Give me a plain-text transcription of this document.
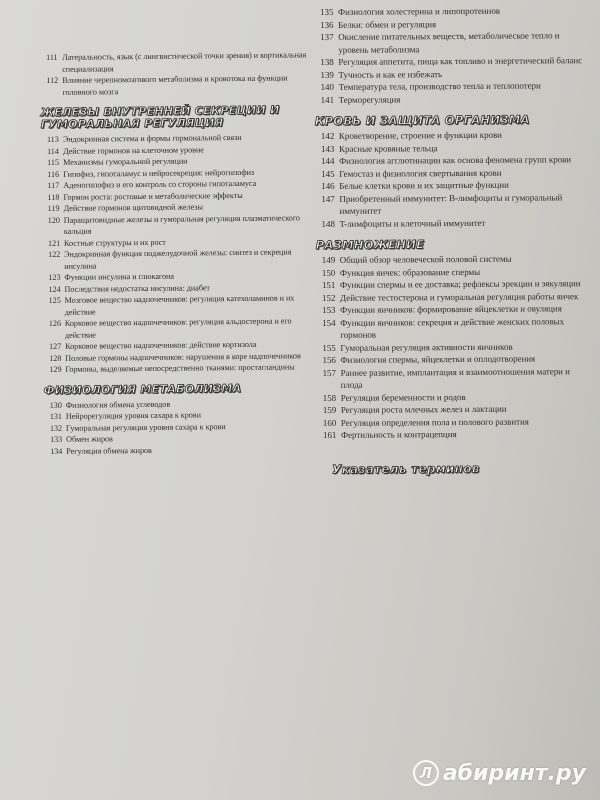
111 Латеральность, язык (с лингвистической точки зрения) и кортикальная специализация
112 Влияние черепномозгового метаболизма и кровотока на функции головного мозга
ЖЕЛЕЗЫ ВНУТРЕННЕЙ СЕКРЕЦИИ И ГУМОРАЛЬНАЯ РЕГУЛЯЦИЯ
113 Эндокринная система и формы гормональной связи
114 Действие гормонов на клеточном уровне
115 Механизмы гуморальной регуляции
116 Гипофиз, гипоталамус и нейросекреция: нейрогипофиз
117 Аденогипофиз и его контроль со стороны гипоталамуса
118 Гормон роста: ростовые и метаболические эффекты
119 Действие гормонов щитовидной железы
120 Паращитовидные железы и гуморальная регуляция плазматического кальция
121 Костные структуры и их рост
122 Эндокринная функция поджелудочной железы: синтез и секреция инсулина
123 Функции инсулина и глюкагона
124 Последствия недостатка инсулина: диабет
125 Мозговое вещество надпочечников: регуляция катехоламинов и их действие
126 Корковое вещество надпочечников: регуляция альдостерона и его действие
127 Корковое вещество надпочечников: действие кортизола
128 Половые гормоны надпочечников: нарушения в коре надпочечников
129 Гормоны, выделяемые непосредственно тканями: простагландины
ФИЗИОЛОГИЯ МЕТАБОЛИЗМА
130 Физиология обмена углеводов
131 Нейрорегуляция уровня сахара к крови
132 Гуморальная регуляция уровня сахара к крови
133 Обмен жиров
134 Регуляция обмена жиров
135 Физиология холестерина и липопротеинов
136 Белки: обмен и регуляция
137 Окисление питательных веществ, метаболическое тепло и уровень метаболизма
138 Регуляция аппетита, пища как топливо и энергетический баланс
139 Тучность и как ее избежать
140 Температура тела, производство тепла и теплопотери
141 Терморегуляция
КРОВЬ И ЗАЩИТА ОРГАНИЗМА
142 Кроветворение, строение и функции крови
143 Красные кровяные тельца
144 Физиология агглютинации как основа феномена групп крови
145 Гемостаз и физиология свертывания крови
146 Белые клетки крови и их защитные функции
147 Приобретенный иммунитет: B-лимфоциты и гуморальный иммунитет
148 T-лимфоциты и клеточный иммунитет
РАЗМНОЖЕНИЕ
149 Общий обзор человеческой половой системы
150 Функция яичек: образование спермы
151 Функции спермы и ее доставка; рефлексы эрекции и эякуляции
152 Действие тестостерона и гуморальная регуляция работы яичек
153 Функции яичников: формирование яйцеклетки и овуляция
154 Функции яичников: секреция и действие женских половых гормонов
155 Гуморальная регуляция активности яичников
156 Физиология спермы, яйцеклетки и оплодотворения
157 Раннее развитие, имплантация и взаимоотношения матери и плода
158 Регуляция беременности и родов
159 Регуляция роста млечных желез и лактации
160 Регуляция определения пола и полового развития
161 Фертильность и контрацепция
Указатель терминов
Л абиринт.ру
